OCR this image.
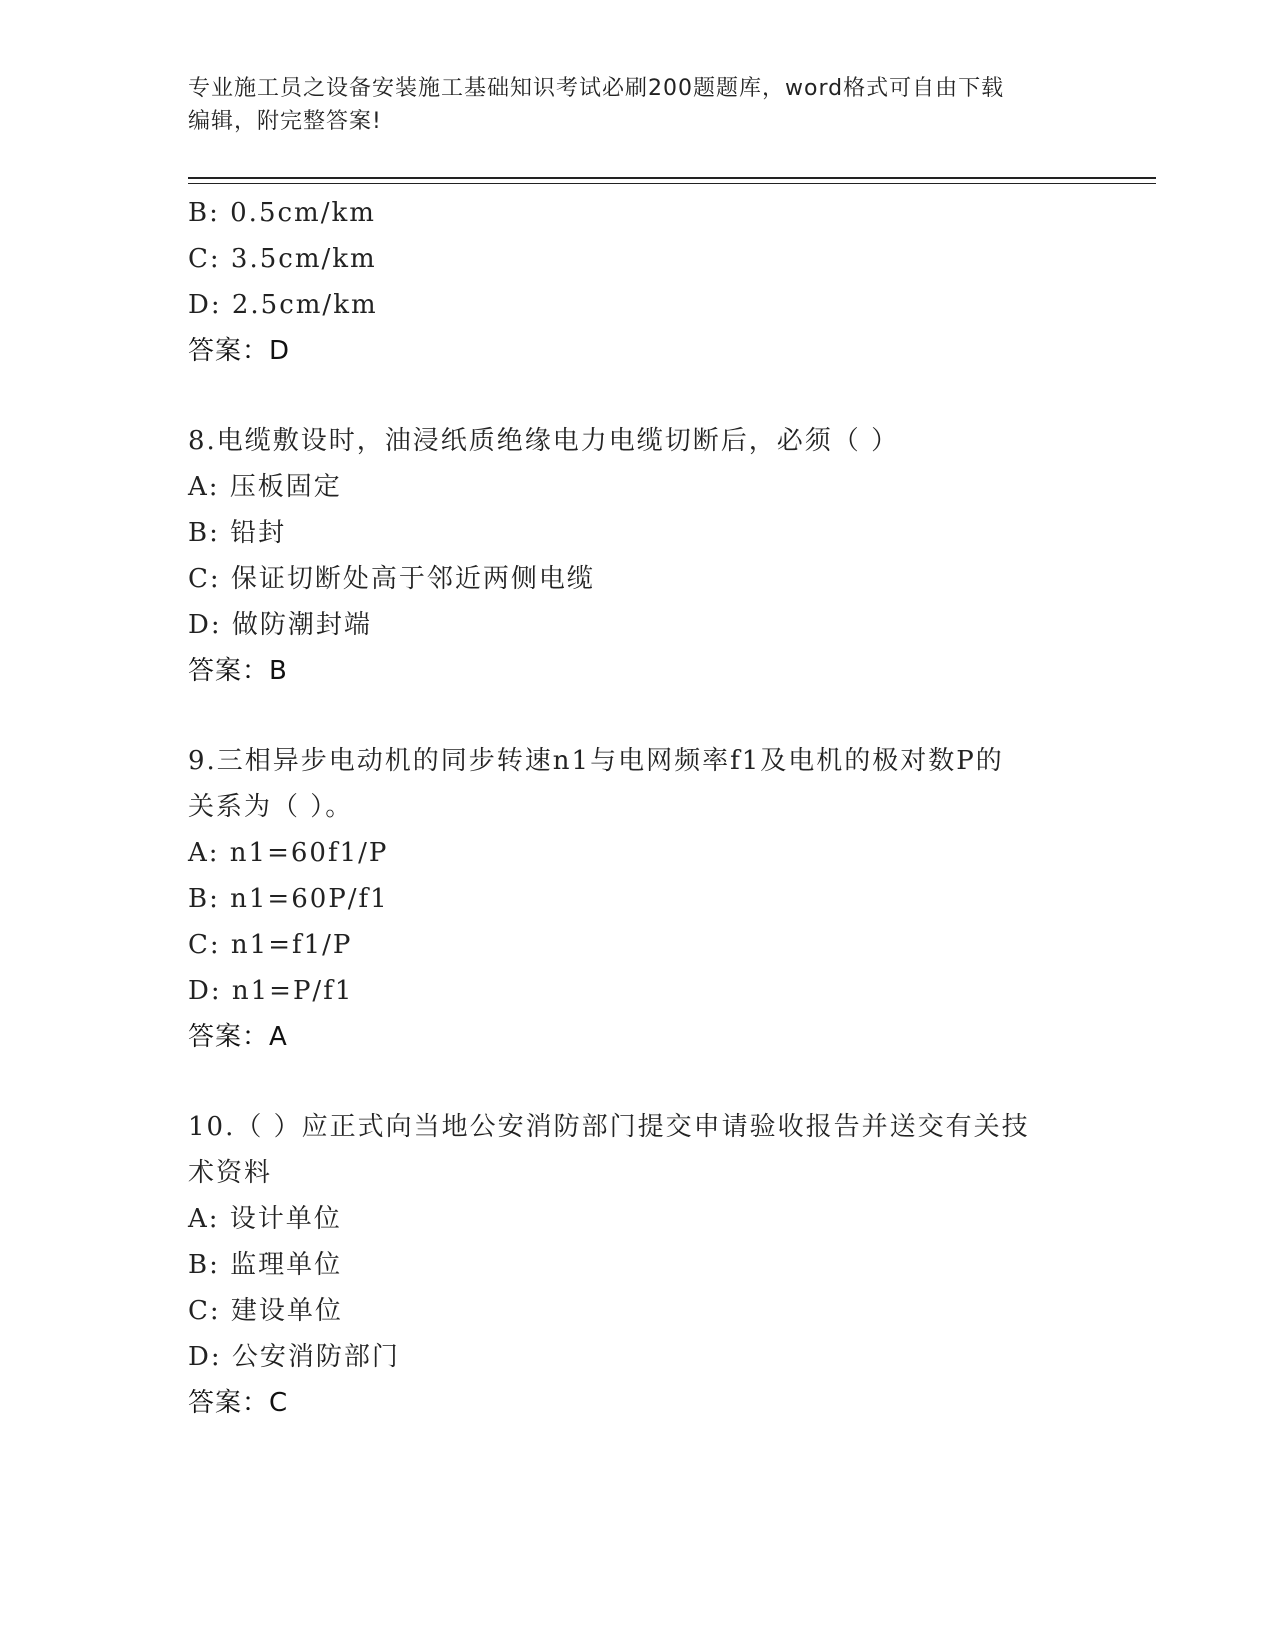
专业施工员之设备安装施工基础知识考试必刷200题题库，word格式可自由下载
编辑，附完整答案!
B: 0.5cm/km
C: 3.5cm/km
D: 2.5cm/km
答案：D
8.电缆敷设时，油浸纸质绝缘电力电缆切断后，必须（ ）
A: 压板固定
B: 铅封
C: 保证切断处高于邻近两侧电缆
D: 做防潮封端
答案：B
9.三相异步电动机的同步转速n1与电网频率f1及电机的极对数P的
关系为（ ）。
A: n1=60f1/P
B: n1=60P/f1
C: n1=f1/P
D: n1=P/f1
答案：A
10.（ ）应正式向当地公安消防部门提交申请验收报告并送交有关技
术资料
A: 设计单位
B: 监理单位
C: 建设单位
D: 公安消防部门
答案：C
